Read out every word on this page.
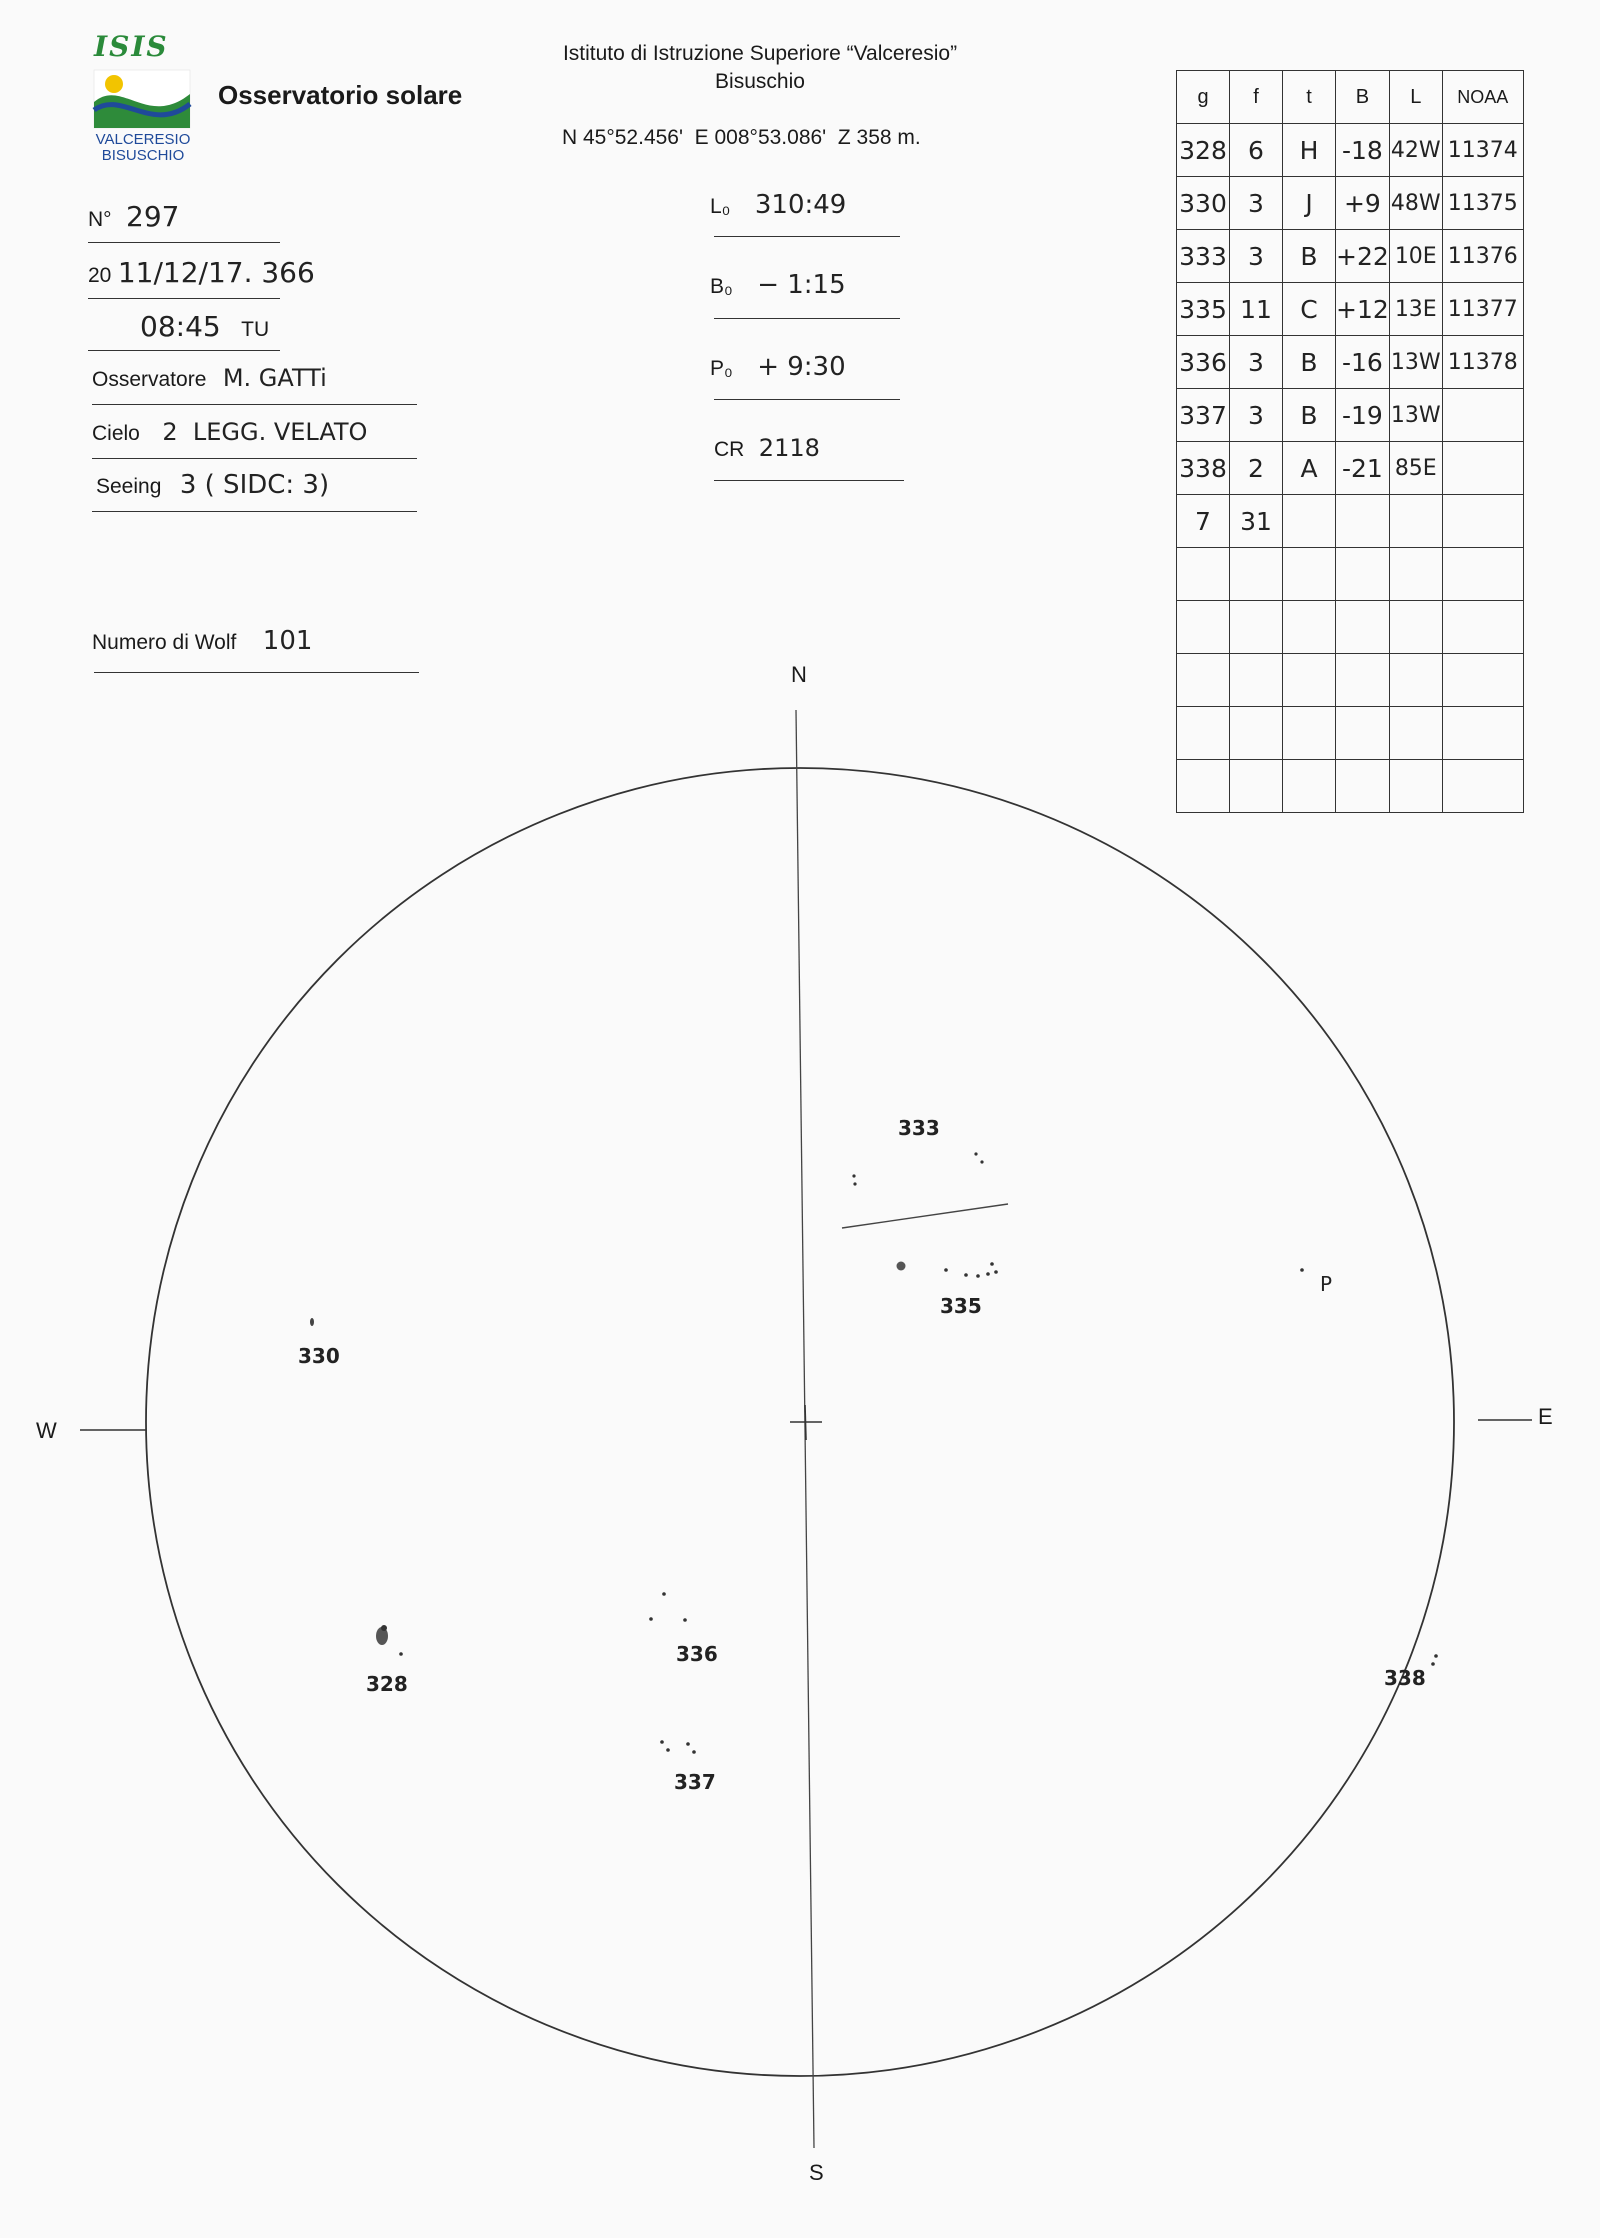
ISIS
VALCERESIO
BISUSCHIO
Osservatorio solare
Istituto di Istruzione Superiore “Valceresio”
Bisuschio
N 45°52.456'  E 008°53.086'  Z 358 m.
N° 297
20 11/12/17. 366
08:45 TU
Osservatore M. GATTi
Cielo 2  LEGG. VELATO
Seeing 3 ( SIDC: 3)
Numero di Wolf 101
L₀ 310:49
B₀ − 1:15
P₀ + 9:30
CR 2118
g	f	t	B	L	NOAA
328	6	H	-18	42W	11374
330	3	J	+9	48W	11375
333	3	B	+22	10E	11376
335	11	C	+12	13E	11377
336	3	B	-16	13W	11378
337	3	B	-19	13W	
338	2	A	-21	85E	
7	31				

N
S
W
E
P
328
330
333
335
336
337
338
